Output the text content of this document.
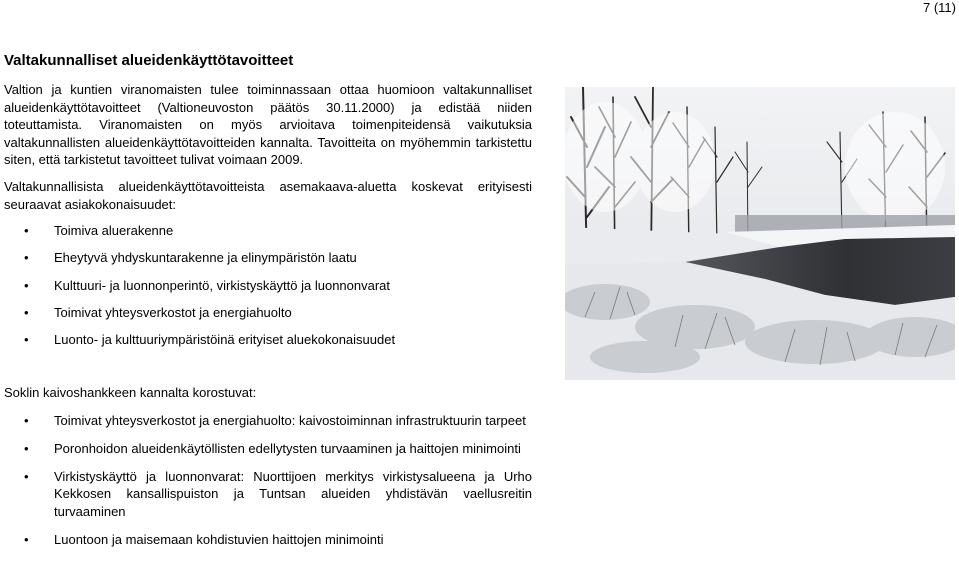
7 (11)
Valtakunnalliset alueidenkäyttötavoitteet

Valtion ja kuntien viranomaisten tulee toiminnassaan ottaa huomioon valtakunnalliset alueidenkäyttötavoitteet (Valtioneuvoston päätös 30.11.2000) ja edistää niiden toteuttamista. Viranomaisten on myös arvioitava toimenpiteidensä vaikutuksia valtakunnallisten alueidenkäyttötavoitteiden kannalta. Tavoitteita on myöhemmin tarkistettu siten, että tarkistetut tavoitteet tulivat voimaan 2009.

Valtakunnallisista alueidenkäyttötavoitteista asemakaava-aluetta koskevat erityisesti seuraavat asiakokonaisuudet:

• Toimiva aluerakenne
• Eheytyvä yhdyskuntarakenne ja elinympäristön laatu
• Kulttuuri- ja luonnonperintö, virkistyskäyttö ja luonnonvarat
• Toimivat yhteysverkostot ja energiahuolto
• Luonto- ja kulttuuriympäristöinä erityiset aluekokonaisuudet

Soklin kaivoshankkeen kannalta korostuvat:

• Toimivat yhteysverkostot ja energiahuolto: kaivostoiminnan infrastruktuurin tarpeet
• Poronhoidon alueidenkäytöllisten edellytysten turvaaminen ja haittojen minimointi
• Virkistyskäyttö ja luonnonvarat: Nuorttijoen merkitys virkistysalueena ja Urho Kekkosen kansallispuiston ja Tuntsan alueiden yhdistävän vaellusreitin turvaaminen
• Luontoon ja maisemaan kohdistuvien haittojen minimointi
